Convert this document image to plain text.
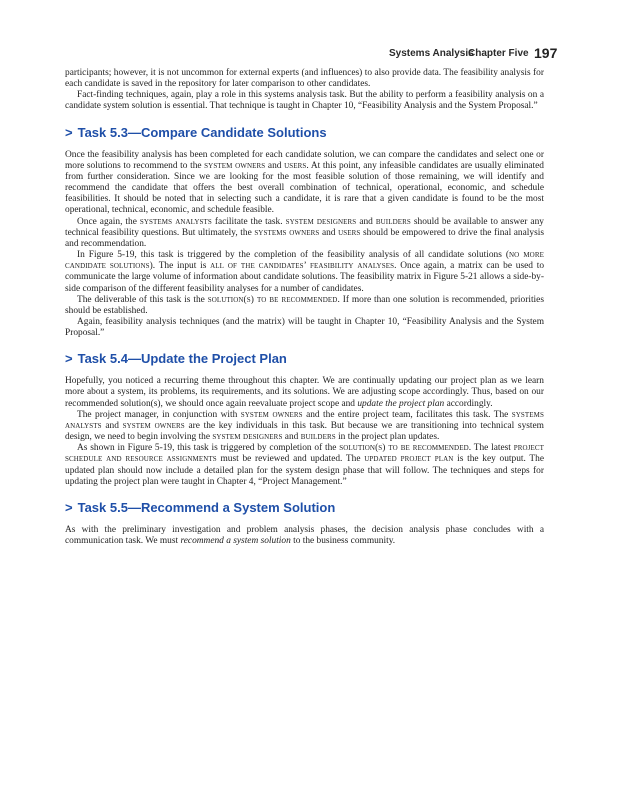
Systems Analysis
Chapter Five 197

participants; however, it is not uncommon for external experts (and influences) to also provide data. The feasibility analysis for each candidate is saved in the repository for later comparison to other candidates.

Fact-finding techniques, again, play a role in this systems analysis task. But the ability to perform a feasibility analysis on a candidate system solution is essential. That technique is taught in Chapter 10, “Feasibility Analysis and the System Proposal.”

> Task 5.3—Compare Candidate Solutions

Once the feasibility analysis has been completed for each candidate solution, we can compare the candidates and select one or more solutions to recommend to the system owners and users. At this point, any infeasible candidates are usually eliminated from further consideration. Since we are looking for the most feasible solution of those remaining, we will identify and recommend the candidate that offers the best overall combination of technical, operational, economic, and schedule feasibilities. It should be noted that in selecting such a candidate, it is rare that a given candidate is found to be the most operational, technical, economic, and schedule feasible.

Once again, the systems analysts facilitate the task. system designers and builders should be available to answer any technical feasibility questions. But ultimately, the systems owners and users should be empowered to drive the final analysis and recommendation.

In Figure 5-19, this task is triggered by the completion of the feasibility analysis of all candidate solutions (no more candidate solutions). The input is all of the candidates’ feasibility analyses. Once again, a matrix can be used to communicate the large volume of information about candidate solutions. The feasibility matrix in Figure 5-21 allows a side-by-side comparison of the different feasibility analyses for a number of candidates.

The deliverable of this task is the solution(s) to be recommended. If more than one solution is recommended, priorities should be established.

Again, feasibility analysis techniques (and the matrix) will be taught in Chapter 10, “Feasibility Analysis and the System Proposal.”

> Task 5.4—Update the Project Plan

Hopefully, you noticed a recurring theme throughout this chapter. We are continually updating our project plan as we learn more about a system, its problems, its requirements, and its solutions. We are adjusting scope accordingly. Thus, based on our recommended solution(s), we should once again reevaluate project scope and update the project plan accordingly.

The project manager, in conjunction with system owners and the entire project team, facilitates this task. The systems analysts and system owners are the key individuals in this task. But because we are transitioning into technical system design, we need to begin involving the system designers and builders in the project plan updates.

As shown in Figure 5-19, this task is triggered by completion of the solution(s) to be recommended. The latest project schedule and resource assignments must be reviewed and updated. The updated project plan is the key output. The updated plan should now include a detailed plan for the system design phase that will follow. The techniques and steps for updating the project plan were taught in Chapter 4, “Project Management.”

> Task 5.5—Recommend a System Solution

As with the preliminary investigation and problem analysis phases, the decision analysis phase concludes with a communication task. We must recommend a system solution to the business community.
